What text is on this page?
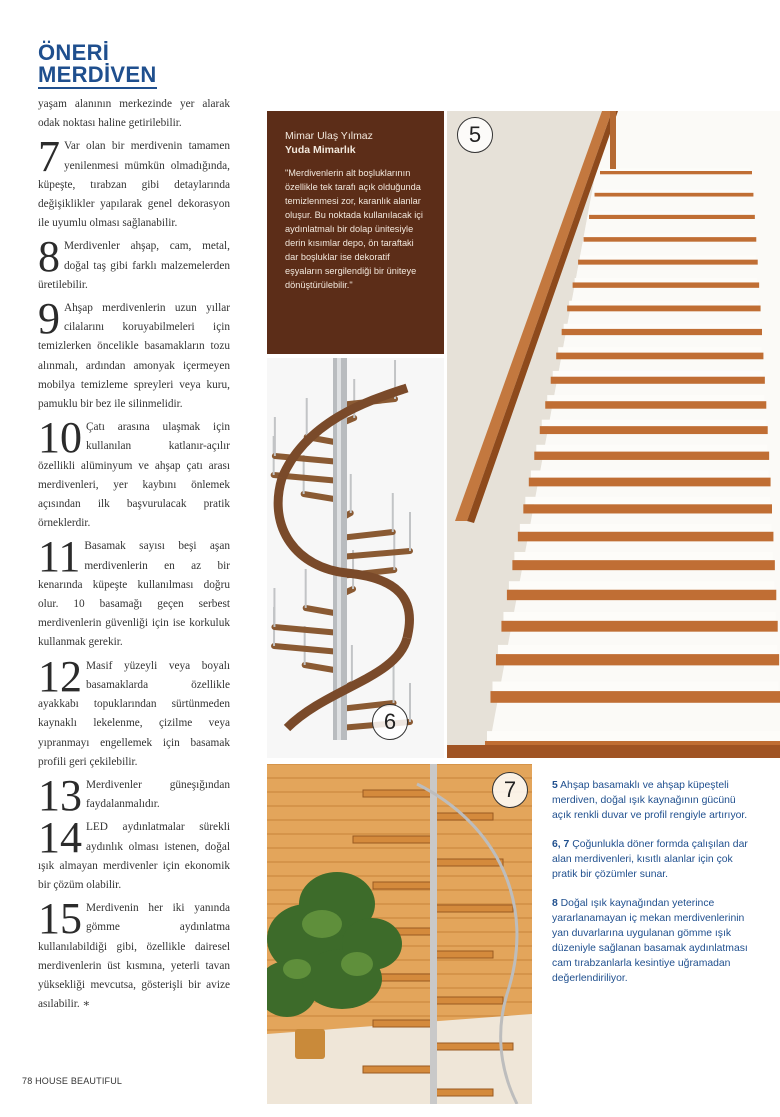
ÖNERİ
MERDİVEN

yaşam alanının merkezinde yer alarak odak noktası haline getirilebilir.

7 Var olan bir merdivenin tamamen yenilenmesi mümkün olmadığında, küpeşte, tırabzan gibi detaylarında değişiklikler yapılarak genel dekorasyon ile uyumlu olması sağlanabilir.
8 Merdivenler ahşap, cam, metal, doğal taş gibi farklı malzemelerden üretilebilir.
9 Ahşap merdivenlerin uzun yıllar cilalarını koruyabilmeleri için temizlerken öncelikle basamakların tozu alınmalı, ardından amonyak içermeyen mobilya temizleme spreyleri veya kuru, pamuklu bir bez ile silinmelidir.
10 Çatı arasına ulaşmak için kullanılan katlanır-açılır özellikli alüminyum ve ahşap çatı arası merdivenleri, yer kaybını önlemek açısından ilk başvurulacak pratik örneklerdir.
11 Basamak sayısı beşi aşan merdivenlerin en az bir kenarında küpeşte kullanılması doğru olur. 10 basamağı geçen serbest merdivenlerin güvenliği için ise korkuluk kullanmak gerekir.
12 Masif yüzeyli veya boyalı basamaklarda özellikle ayakkabı topuklarından sürtünmeden kaynaklı lekelenme, çizilme veya yıpranmayı engellemek için basamak profili geri çekilebilir.
13 Merdivenler güneşığından faydalanmalıdır.
14 LED aydınlatmalar sürekli aydınlık olması istenen, doğal ışık almayan merdivenler için ekonomik bir çözüm olabilir.
15 Merdivenin her iki yanında gömme aydınlatma kullanılabildiği gibi, özellikle dairesel merdivenlerin üst kısmına, yeterli tavan yüksekliği mevcutsa, gösterişli bir avize asılabilir. ∗
Mimar Ulaş Yılmaz
Yuda Mimarlık
"Merdivenlerin alt boşluklarının özellikle tek tarafı açık olduğunda temizlenmesi zor, karanlık alanlar oluşur. Bu noktada kullanılacak içi aydınlatmalı bir dolap ünitesiyle derin kısımlar depo, ön taraftaki dar boşluklar ise dekoratif eşyaların sergilendiği bir üniteye dönüştürülebilir."
5
6
7	5 Ahşap basamaklı ve ahşap küpeşteli merdiven, doğal ışık kaynağının gücünü açık renkli duvar ve profil rengiyle artırıyor.

6, 7 Çoğunlukla döner formda çalışılan dar alan merdivenleri, kısıtlı alanlar için çok pratik bir çözümler sunar.

8 Doğal ışık kaynağından yeterince yararlanamayan iç mekan merdivenlerinin yan duvarlarına uygulanan gömme ışık düzeniyle sağlanan basamak aydınlatması cam tırabzanlarla kesintiye uğramadan değerlendiriliyor.

78 HOUSE BEAUTIFUL
